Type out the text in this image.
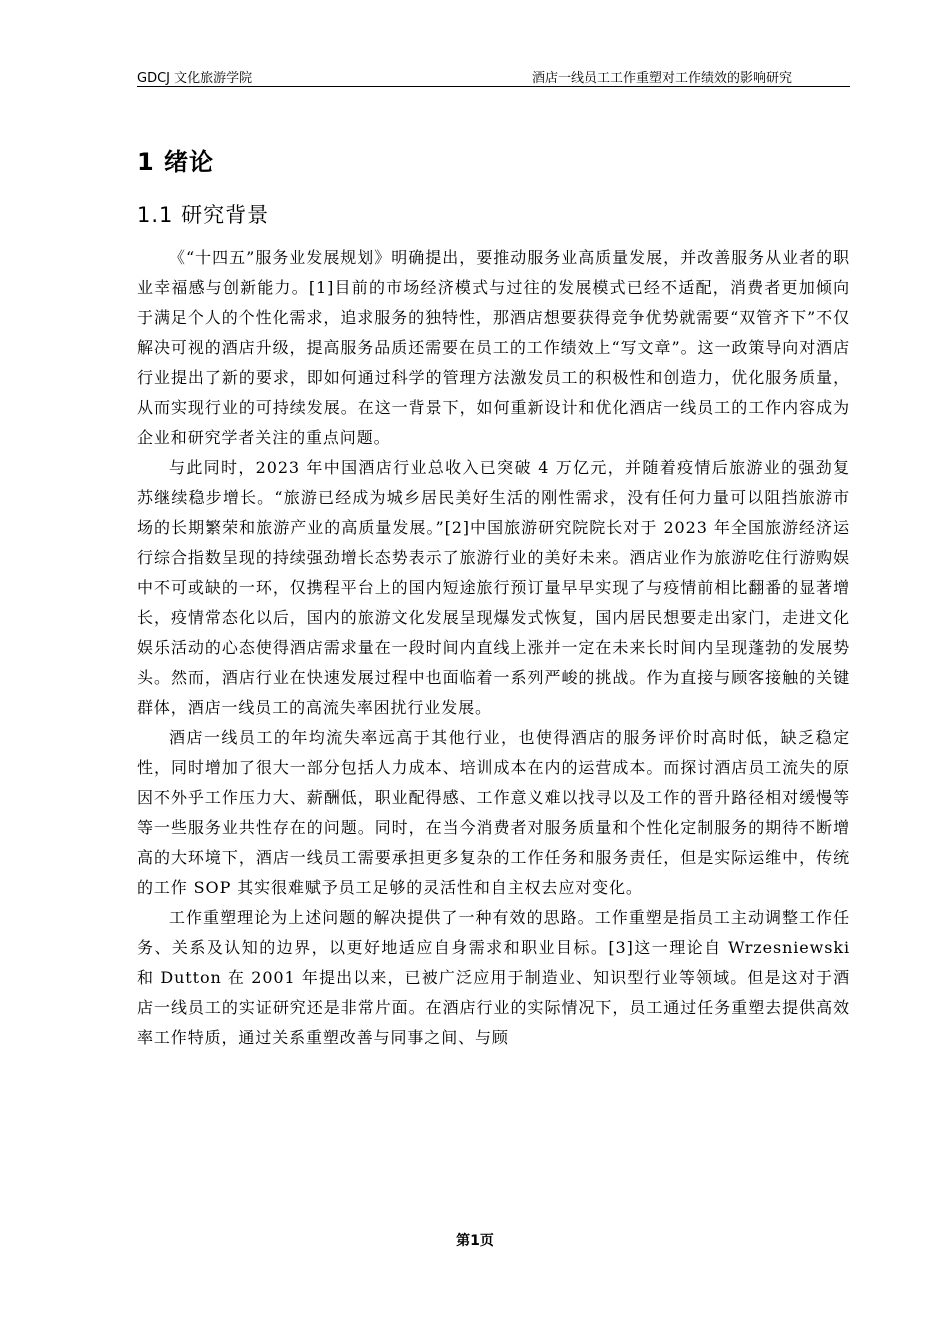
GDCJ 文化旅游学院	酒店一线员工工作重塑对工作绩效的影响研究
1 绪论
1.1 研究背景

《“十四五”服务业发展规划》明确提出，要推动服务业高质量发展，并改善服务从业者的职业幸福感与创新能力。[1]目前的市场经济模式与过往的发展模式已经不适配，消费者更加倾向于满足个人的个性化需求，追求服务的独特性，那酒店想要获得竞争优势就需要“双管齐下”不仅解决可视的酒店升级，提高服务品质还需要在员工的工作绩效上“写文章”。这一政策导向对酒店行业提出了新的要求，即如何通过科学的管理方法激发员工的积极性和创造力，优化服务质量，从而实现行业的可持续发展。在这一背景下，如何重新设计和优化酒店一线员工的工作内容成为企业和研究学者关注的重点问题。

与此同时，2023 年中国酒店行业总收入已突破 4 万亿元，并随着疫情后旅游业的强劲复苏继续稳步增长。“旅游已经成为城乡居民美好生活的刚性需求，没有任何力量可以阻挡旅游市场的长期繁荣和旅游产业的高质量发展。”[2]中国旅游研究院院长对于 2023 年全国旅游经济运行综合指数呈现的持续强劲增长态势表示了旅游行业的美好未来。酒店业作为旅游吃住行游购娱中不可或缺的一环，仅携程平台上的国内短途旅行预订量早早实现了与疫情前相比翻番的显著增长，疫情常态化以后，国内的旅游文化发展呈现爆发式恢复，国内居民想要走出家门，走进文化娱乐活动的心态使得酒店需求量在一段时间内直线上涨并一定在未来长时间内呈现蓬勃的发展势头。然而，酒店行业在快速发展过程中也面临着一系列严峻的挑战。作为直接与顾客接触的关键群体，酒店一线员工的高流失率困扰行业发展。

酒店一线员工的年均流失率远高于其他行业，也使得酒店的服务评价时高时低，缺乏稳定性，同时增加了很大一部分包括人力成本、培训成本在内的运营成本。而探讨酒店员工流失的原因不外乎工作压力大、薪酬低，职业配得感、工作意义难以找寻以及工作的晋升路径相对缓慢等等一些服务业共性存在的问题。同时，在当今消费者对服务质量和个性化定制服务的期待不断增高的大环境下，酒店一线员工需要承担更多复杂的工作任务和服务责任，但是实际运维中，传统的工作 SOP 其实很难赋予员工足够的灵活性和自主权去应对变化。

工作重塑理论为上述问题的解决提供了一种有效的思路。工作重塑是指员工主动调整工作任务、关系及认知的边界，以更好地适应自身需求和职业目标。[3]这一理论自 Wrzesniewski 和 Dutton 在 2001 年提出以来，已被广泛应用于制造业、知识型行业等领域。但是这对于酒店一线员工的实证研究还是非常片面。在酒店行业的实际情况下，员工通过任务重塑去提供高效率工作特质，通过关系重塑改善与同事之间、与顾

第1页
